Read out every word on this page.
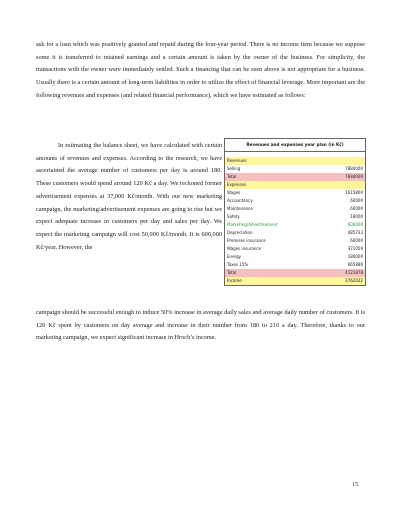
ask for a loan which was positively granted and repaid during the four-year period. There is no income item because we suppose some it is transferred to retained earnings and a certain amount is taken by the owner of the business. For simplicity, the transactions with the owner were immediately settled. Such a financing that can be seen above is not appropriate for a business. Usually there is a certain amount of long-term liabilities in order to utilize the effect of financial leverage. More important are the following revenues and expenses (and related financial performance), which we have estimated as follows:

In estimating the balance sheet, we have calculated with certain amounts of revenues and expenses. According to the research, we have ascertained the average number of customers per day is around 180. These customers would spend around 120 Kč a day. We reckoned former advertisement expenses at 37,000 Kč/month. With our new marketing campaign, the marketing/advertisement expenses are going to rise but we expect adequate increase in customers per day and sales per day. We expect the marketing campaign will cost 50,000 Kč/month. It is 600,000 Kč/year. However, the

Revenues and expenses year plan (in Kč)
Revenues
Selling	7884000
Total	7884000
Expenses
Wages	1615800
Accountancy	60000
Maintenance	60000
Safety	18000
Marketing/Advertisement	600000
Depreciation	485733
Premises insurance	60000
Wages insurance	371059
Energy	180000
Taxes 15%	665886
Total	4121878
Income	3762022

campaign should be successful enough to induce 50% increase in average daily sales and average daily number of customers. It is 120 Kč spent by customers on day average and increase in their number from 180 to 210 a day. Therefore, thanks to our marketing campaign, we expect significant increase in Hroch’s income.

15
